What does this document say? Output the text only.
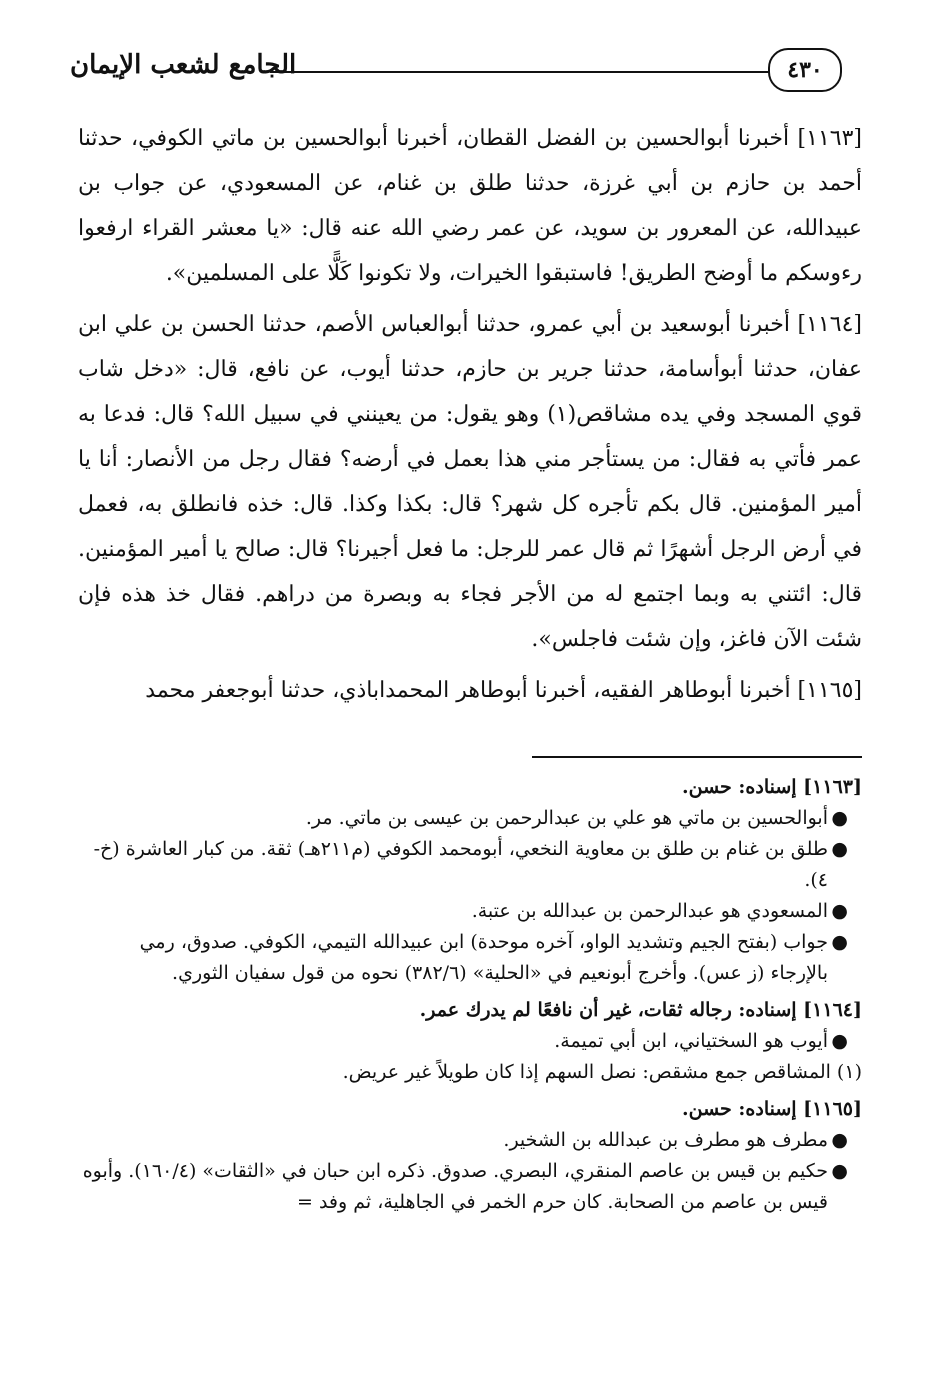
٤٣٠
الجامع لشعب الإيمان

[١١٦٣] أخبرنا أبوالحسين بن الفضل القطان، أخبرنا أبوالحسين بن ماتي الكوفي، حدثنا أحمد بن حازم بن أبي غرزة، حدثنا طلق بن غنام، عن المسعودي، عن جواب بن عبيدالله، عن المعرور بن سويد، عن عمر رضي الله عنه قال: «يا معشر القراء ارفعوا رءوسكم ما أوضح الطريق! فاستبقوا الخيرات، ولا تكونوا كَلًّا على المسلمين».

[١١٦٤] أخبرنا أبوسعيد بن أبي عمرو، حدثنا أبوالعباس الأصم، حدثنا الحسن بن علي ابن عفان، حدثنا أبوأسامة، حدثنا جرير بن حازم، حدثنا أيوب، عن نافع، قال: «دخل شاب قوي المسجد وفي يده مشاقص(١) وهو يقول: من يعينني في سبيل الله؟ قال: فدعا به عمر فأتي به فقال: من يستأجر مني هذا بعمل في أرضه؟ فقال رجل من الأنصار: أنا يا أمير المؤمنين. قال بكم تأجره كل شهر؟ قال: بكذا وكذا. قال: خذه فانطلق به، فعمل في أرض الرجل أشهرًا ثم قال عمر للرجل: ما فعل أجيرنا؟ قال: صالح يا أمير المؤمنين. قال: ائتني به وبما اجتمع له من الأجر فجاء به وبصرة من دراهم. فقال خذ هذه فإن شئت الآن فاغز، وإن شئت فاجلس».

[١١٦٥] أخبرنا أبوطاهر الفقيه، أخبرنا أبوطاهر المحمداباذي، حدثنا أبوجعفر محمد

[١١٦٣] إسناده: حسن.

●
أبوالحسين بن ماتي هو علي بن عبدالرحمن بن عيسى بن ماتي. مر.
●
طلق بن غنام بن طلق بن معاوية النخعي، أبومحمد الكوفي (م٢١١هـ) ثقة. من كبار العاشرة (خ- ٤).
●
المسعودي هو عبدالرحمن بن عبدالله بن عتبة.
●
جواب (بفتح الجيم وتشديد الواو، آخره موحدة) ابن عبيدالله التيمي، الكوفي. صدوق، رمي بالإرجاء (ز عس). وأخرج أبونعيم في «الحلية» (٣٨٢/٦) نحوه من قول سفيان الثوري.

[١١٦٤] إسناده: رجاله ثقات، غير أن نافعًا لم يدرك عمر.

●
أيوب هو السختياني، ابن أبي تميمة.

(١) المشاقص جمع مشقص: نصل السهم إذا كان طويلاً غير عريض.

[١١٦٥] إسناده: حسن.

●
مطرف هو مطرف بن عبدالله بن الشخير.
●
حكيم بن قيس بن عاصم المنقري، البصري. صدوق. ذكره ابن حبان في «الثقات» (١٦٠/٤). وأبوه قيس بن عاصم من الصحابة. كان حرم الخمر في الجاهلية، ثم وفد =
